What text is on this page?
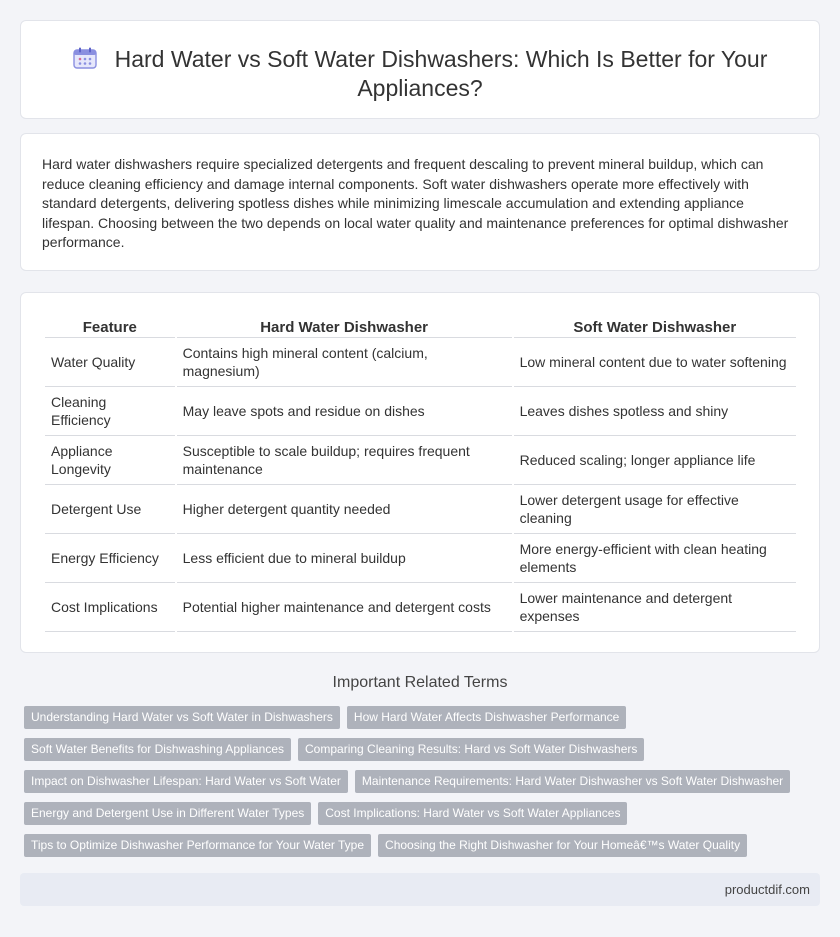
Hard Water vs Soft Water Dishwashers: Which Is Better for Your Appliances?

Hard water dishwashers require specialized detergents and frequent descaling to prevent mineral buildup, which can reduce cleaning efficiency and damage internal components. Soft water dishwashers operate more effectively with standard detergents, delivering spotless dishes while minimizing limescale accumulation and extending appliance lifespan. Choosing between the two depends on local water quality and maintenance preferences for optimal dishwasher performance.

Feature	Hard Water Dishwasher	Soft Water Dishwasher
Water Quality	Contains high mineral content (calcium, magnesium)	Low mineral content due to water softening
Cleaning Efficiency	May leave spots and residue on dishes	Leaves dishes spotless and shiny
Appliance Longevity	Susceptible to scale buildup; requires frequent maintenance	Reduced scaling; longer appliance life
Detergent Use	Higher detergent quantity needed	Lower detergent usage for effective cleaning
Energy Efficiency	Less efficient due to mineral buildup	More energy-efficient with clean heating elements
Cost Implications	Potential higher maintenance and detergent costs	Lower maintenance and detergent expenses
Important Related Terms
Understanding Hard Water vs Soft Water in Dishwashers	How Hard Water Affects Dishwasher Performance
Soft Water Benefits for Dishwashing Appliances	Comparing Cleaning Results: Hard vs Soft Water Dishwashers
Impact on Dishwasher Lifespan: Hard Water vs Soft Water	Maintenance Requirements: Hard Water Dishwasher vs Soft Water Dishwasher
Energy and Detergent Use in Different Water Types	Cost Implications: Hard Water vs Soft Water Appliances
Tips to Optimize Dishwasher Performance for Your Water Type	Choosing the Right Dishwasher for Your Homeâ€™s Water Quality
productdif.com
